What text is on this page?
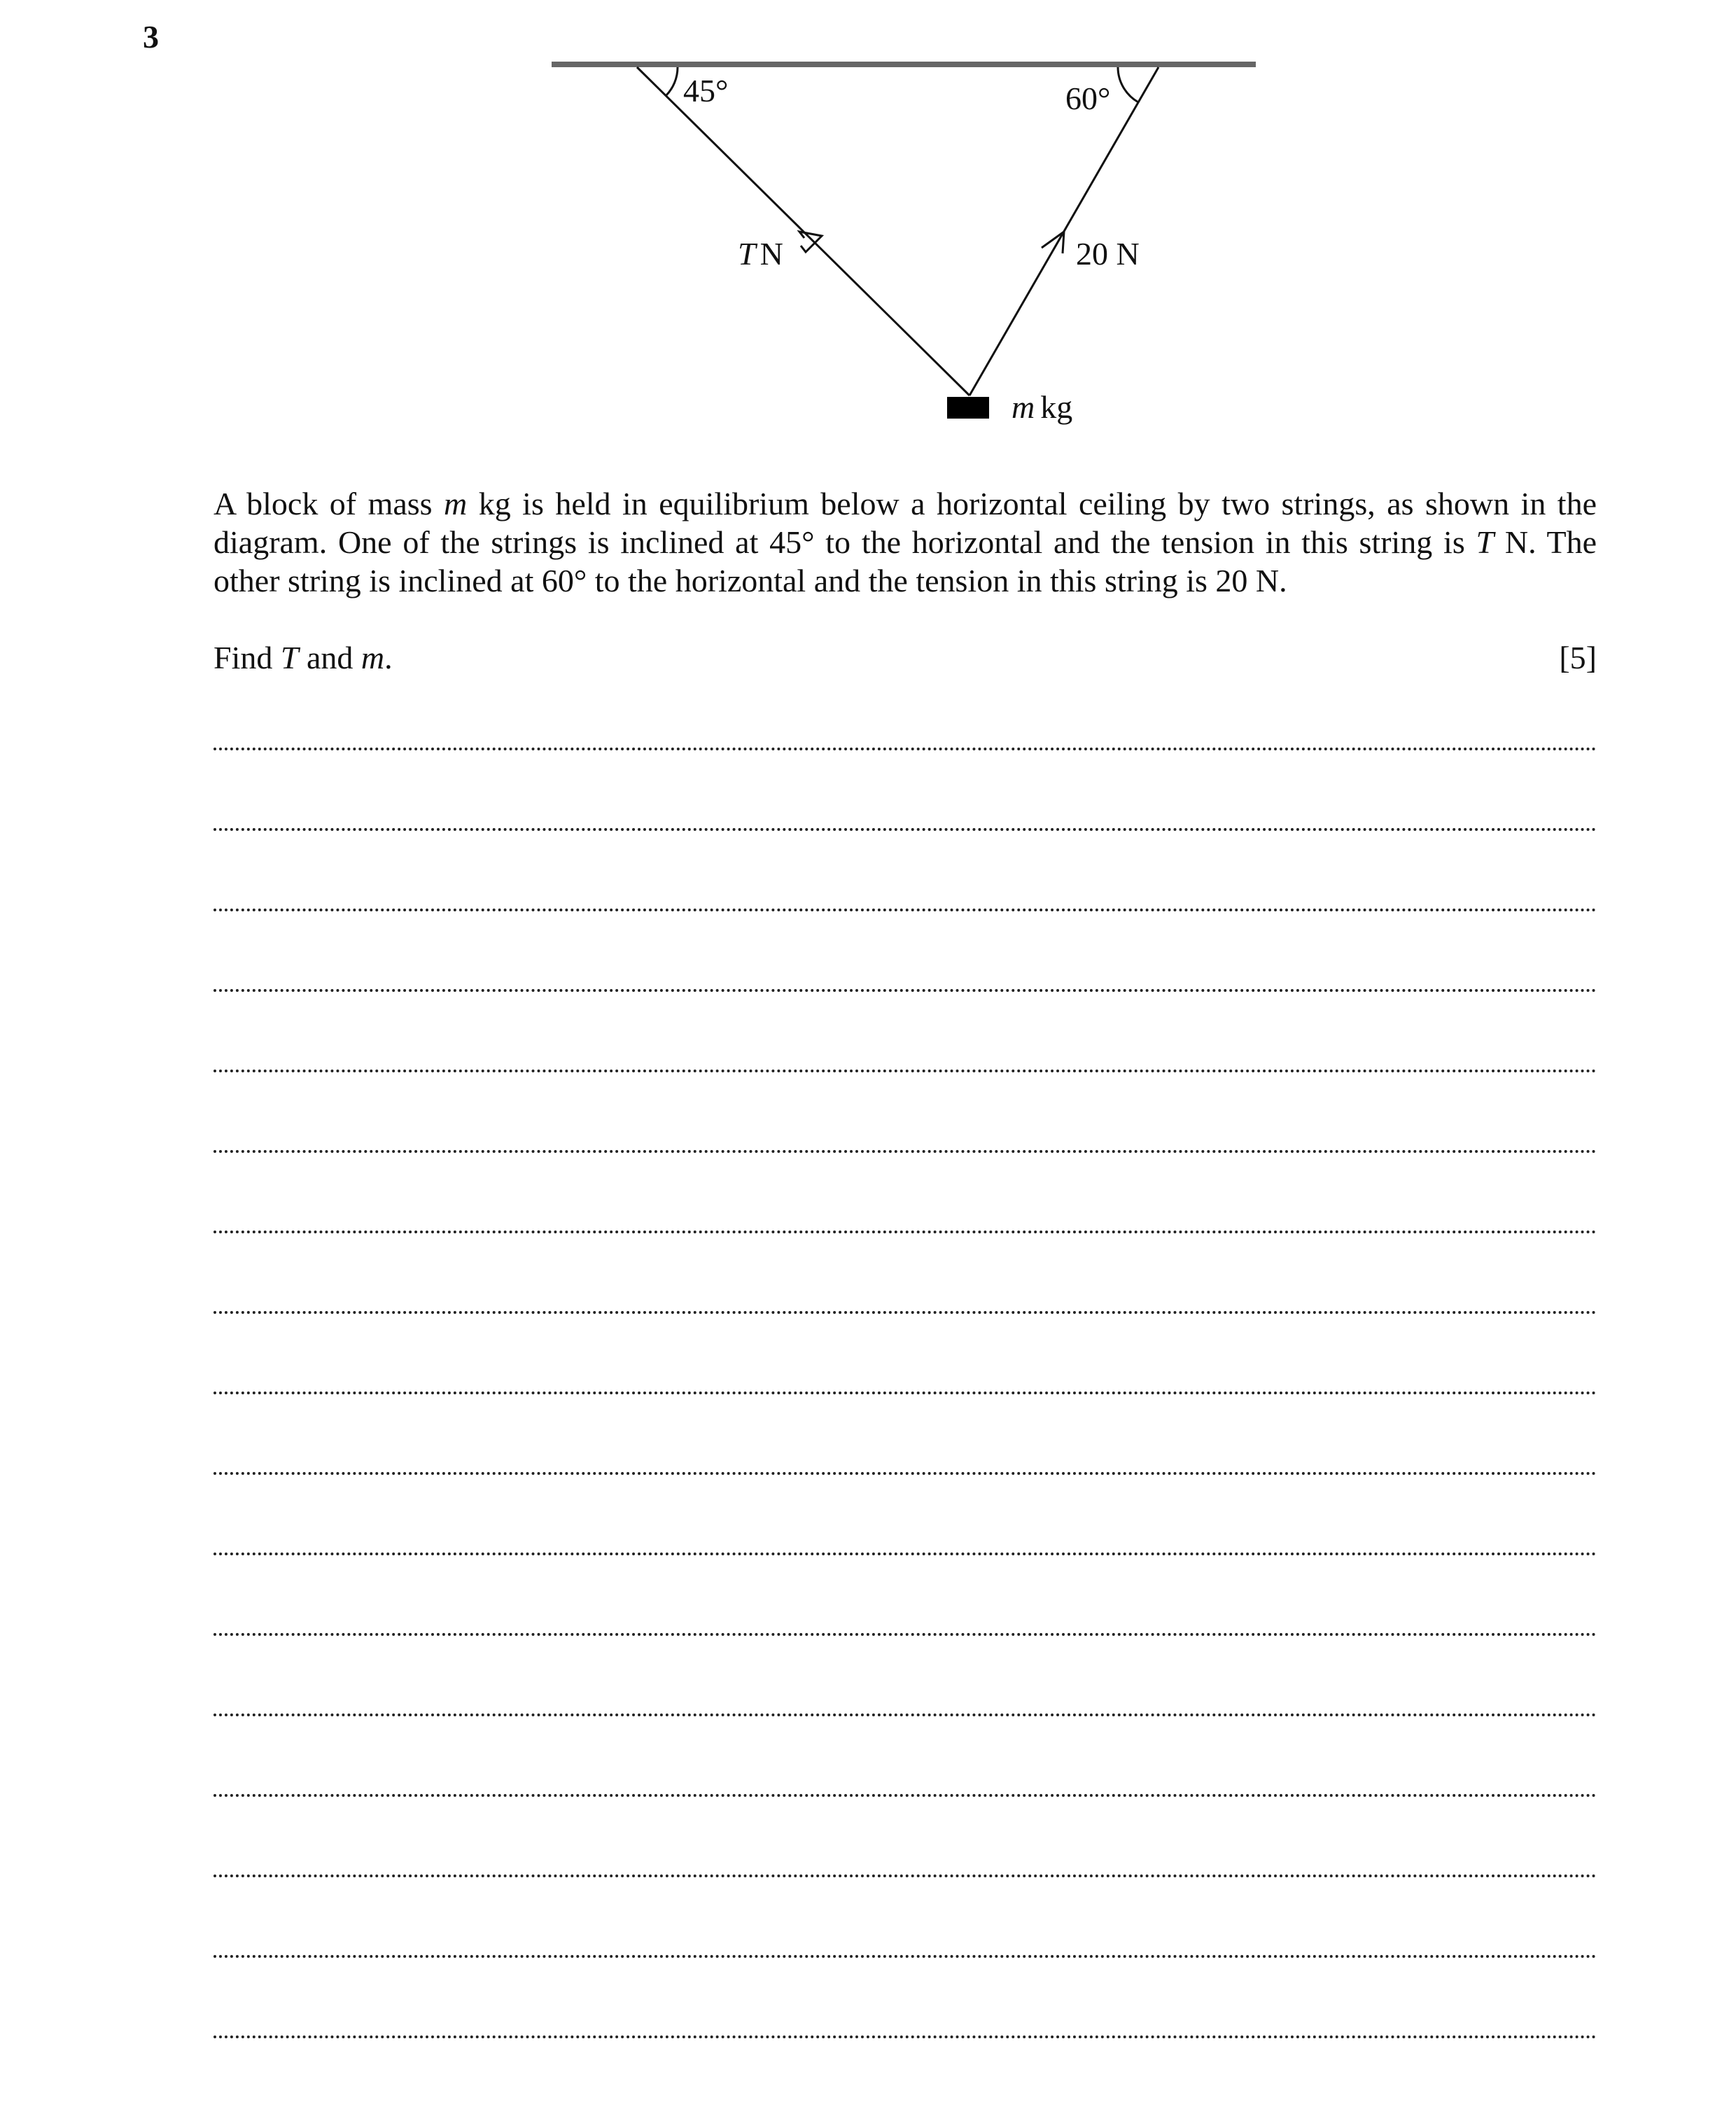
3
45°	60°
T N	20 N
m kg

A block of mass m kg is held in equilibrium below a horizontal ceiling by two strings, as shown in the diagram. One of the strings is inclined at 45° to the horizontal and the tension in this string is T N. The other string is inclined at 60° to the horizontal and the tension in this string is 20 N.

Find T and m.	[5]
